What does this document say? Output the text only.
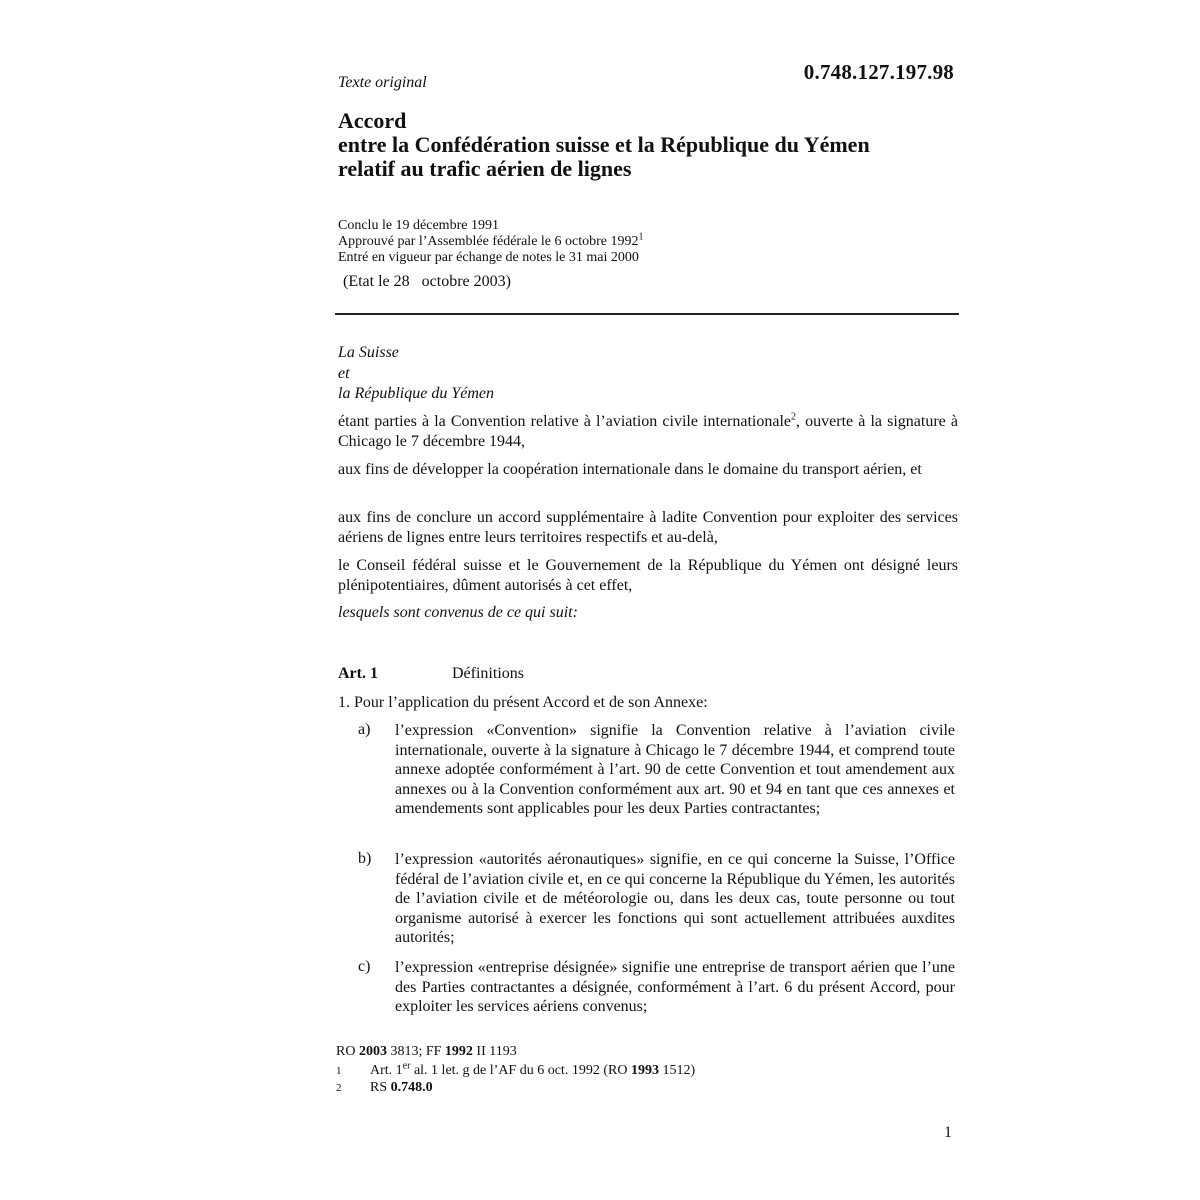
Texte original	0.748.127.197.98
Accord
entre la Confédération suisse et la République du Yémen
relatif au trafic aérien de lignes
Conclu le 19 décembre 1991
Approuvé par l’Assemblée fédérale le 6 octobre 1992$^1$
Entré en vigueur par échange de notes le 31 mai 2000
(Etat le 28   octobre 2003)
La Suisse
et
la République du Yémen
étant parties à la Convention relative à l’aviation civile internationale$^2$, ouverte à la signature à Chicago le 7 décembre 1944,
aux fins de développer la coopération internationale dans le domaine du transport aérien, et
aux fins de conclure un accord supplémentaire à ladite Convention pour exploiter des services aériens de lignes entre leurs territoires respectifs et au-delà,
le Conseil fédéral suisse et le Gouvernement de la République du Yémen ont désigné leurs plénipotentiaires, dûment autorisés à cet effet,
lesquels sont convenus de ce qui suit:
Art. 1	Définitions
1. Pour l’application du présent Accord et de son Annexe:
a) l’expression «Convention» signifie la Convention relative à l’aviation civile internationale, ouverte à la signature à Chicago le 7 décembre 1944, et comprend toute annexe adoptée conformément à l’art. 90 de cette Convention et tout amendement aux annexes ou à la Convention conformément aux art. 90 et 94 en tant que ces annexes et amendements sont applicables pour les deux Parties contractantes;
b) l’expression «autorités aéronautiques» signifie, en ce qui concerne la Suisse, l’Office fédéral de l’aviation civile et, en ce qui concerne la République du Yémen, les autorités de l’aviation civile et de météorologie ou, dans les deux cas, toute personne ou tout organisme autorisé à exercer les fonctions qui sont actuellement attribuées auxdites autorités;
c) l’expression «entreprise désignée» signifie une entreprise de transport aérien que l’une des Parties contractantes a désignée, conformément à l’art. 6 du présent Accord, pour exploiter les services aériens convenus;
RO 2003 3813; FF 1992 II 1193
1 Art. 1er al. 1 let. g de l’AF du 6 oct. 1992 (RO 1993 1512)
2 RS 0.748.0
1
